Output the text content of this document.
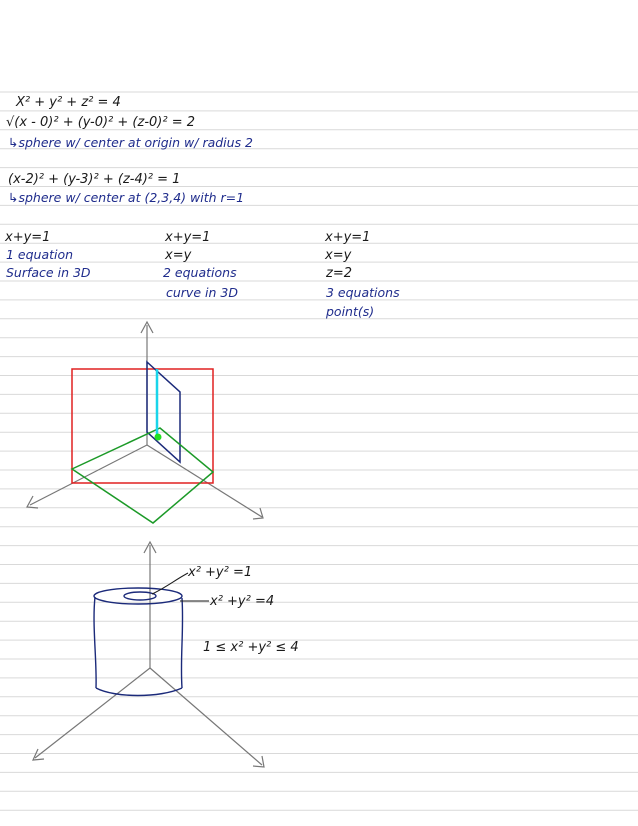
X² + y² + z² = 4
√(x - 0)² + (y-0)² + (z-0)² = 2
↳sphere w/ center at origin w/ radius 2
(x-2)² + (y-3)² + (z-4)² = 1
↳sphere w/ center at (2,3,4) with r=1
x+y=1
1 equation
Surface in 3D
x+y=1
x=y
2 equations
curve in 3D
x+y=1
x=y
z=2
3 equations
point(s)
x² +y² =1
x² +y² =4
1 ≤ x² +y² ≤ 4
